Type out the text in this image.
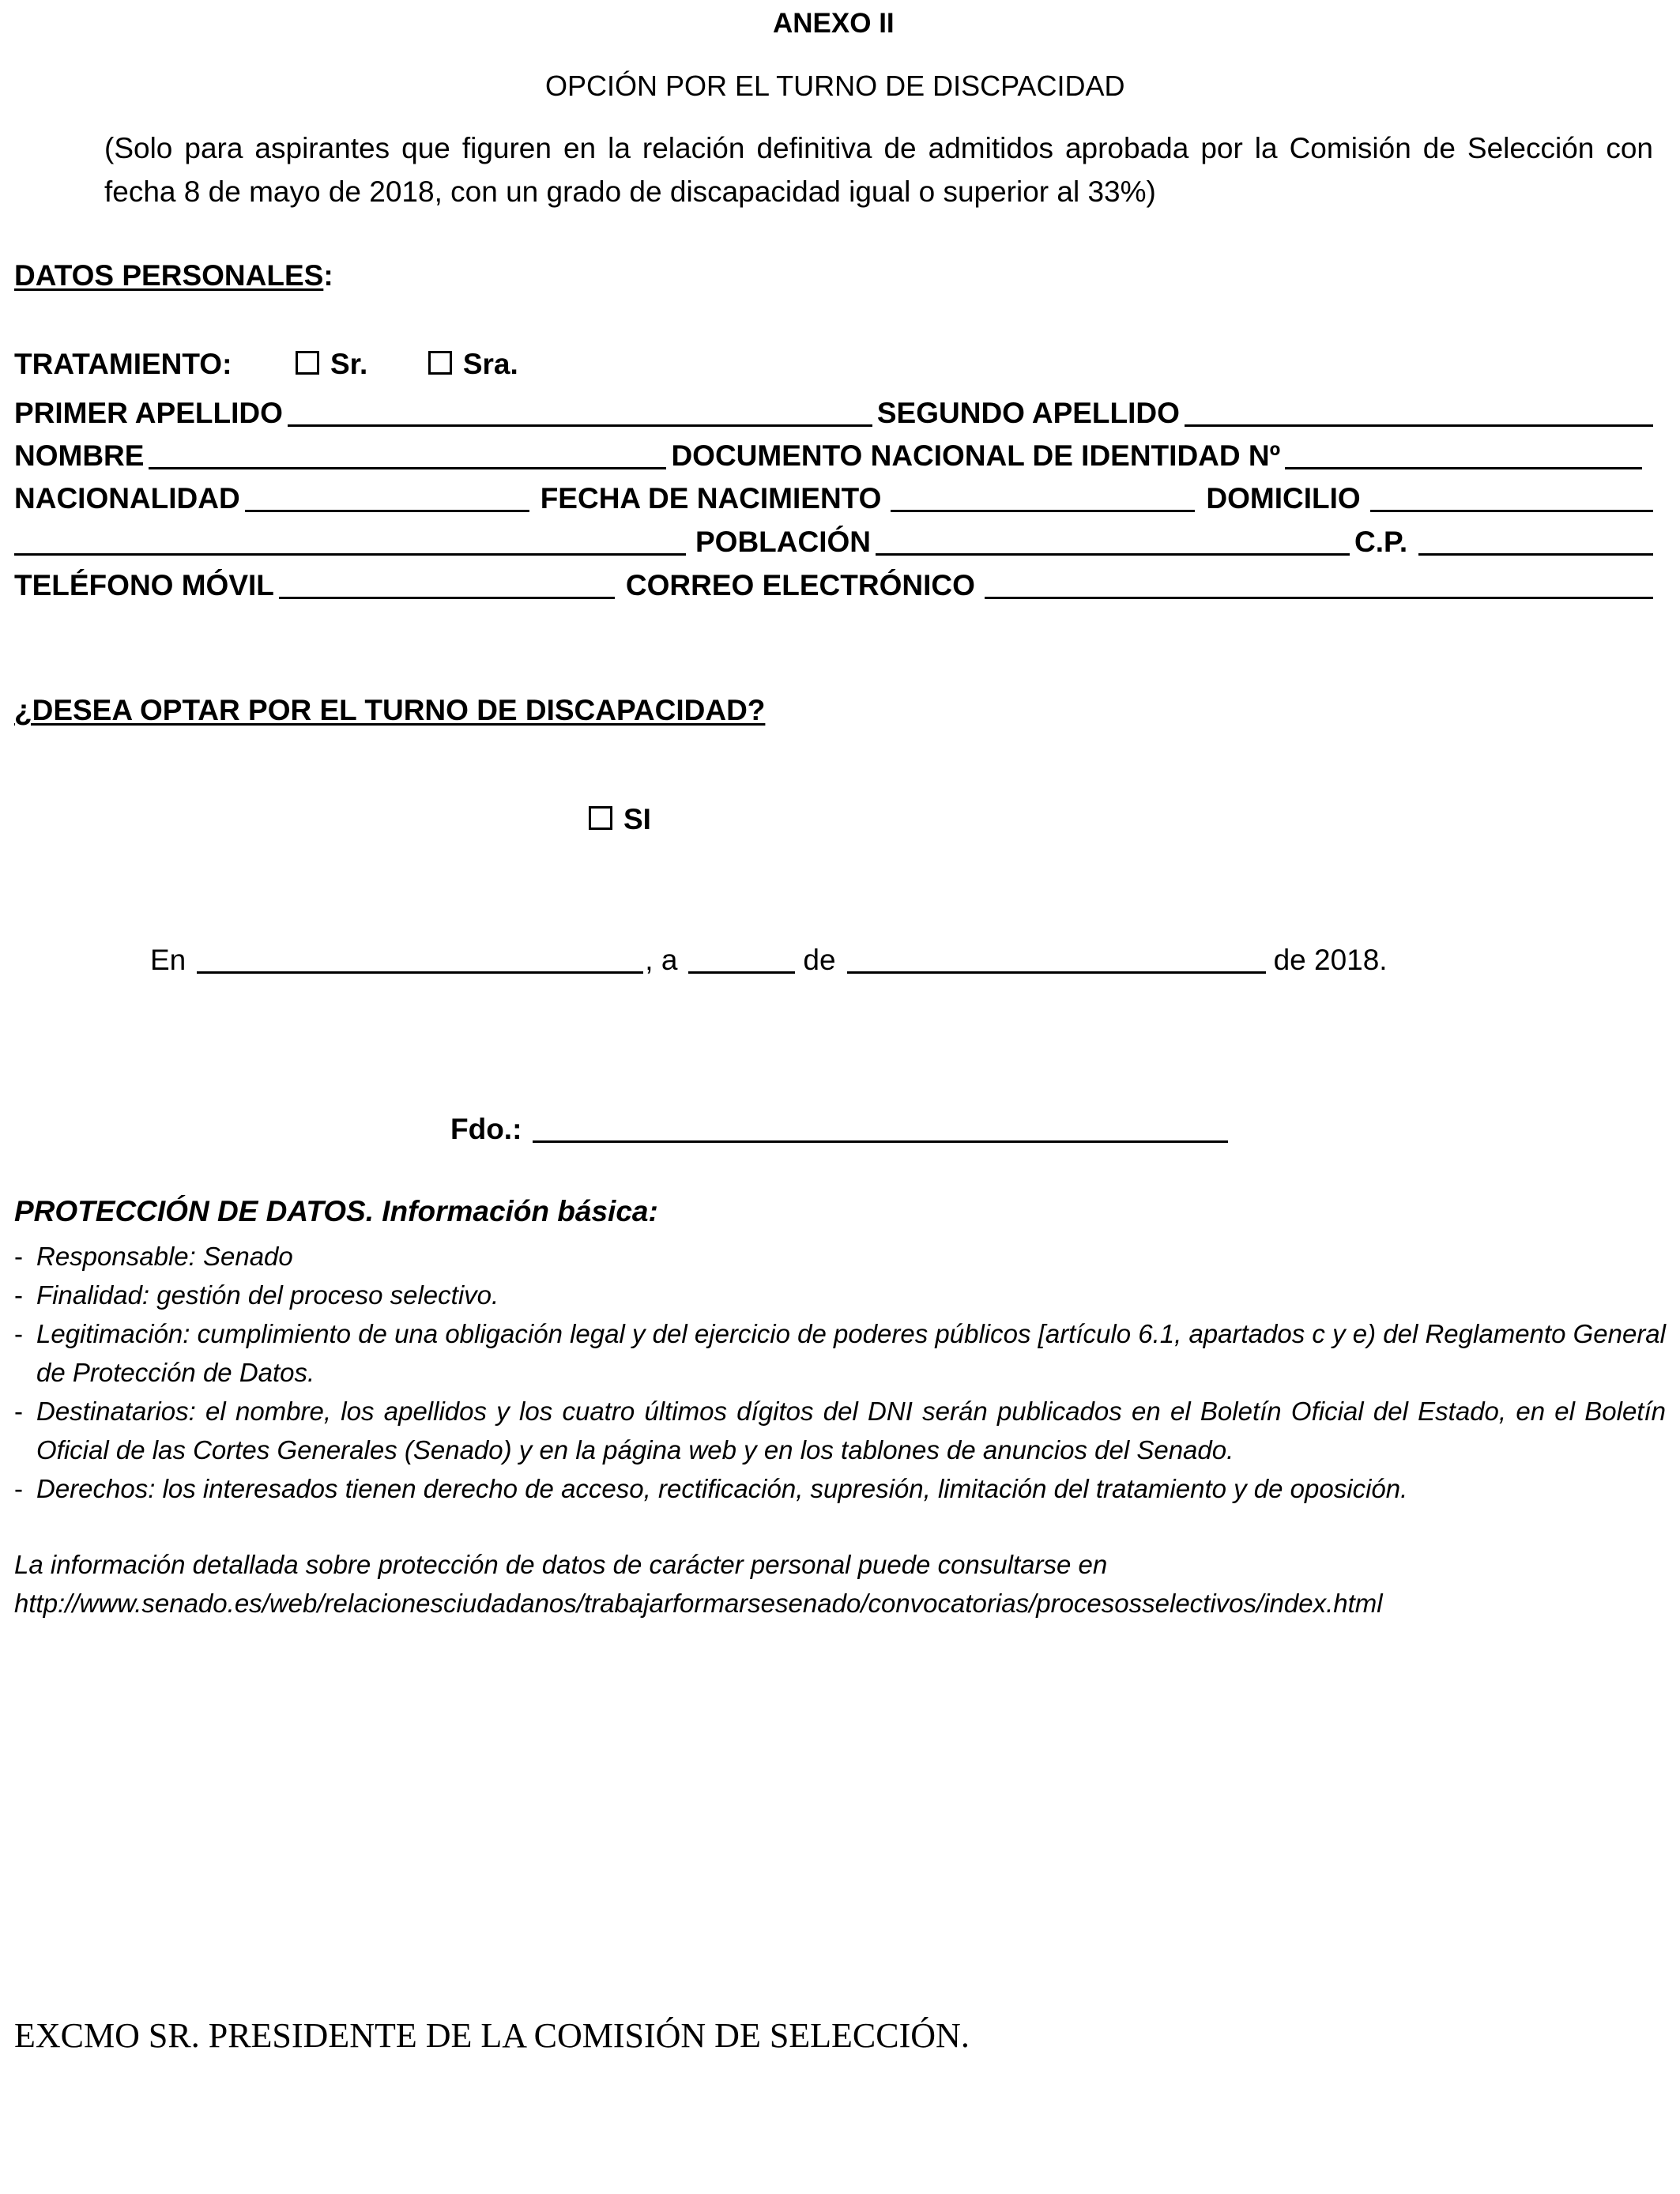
ANEXO II
OPCIÓN POR EL TURNO DE DISCPACIDAD
(Solo para aspirantes que figuren en la relación definitiva de admitidos aprobada por la Comisión de Selección con fecha 8 de mayo de 2018, con un grado de discapacidad igual o superior al 33%)
DATOS PERSONALES:
TRATAMIENTO:	Sr.	Sra.
PRIMER APELLIDO	SEGUNDO APELLIDO
NOMBRE	DOCUMENTO NACIONAL DE IDENTIDAD Nº
NACIONALIDAD	FECHA DE NACIMIENTO	DOMICILIO
POBLACIÓN	C.P.
TELÉFONO MÓVIL	CORREO ELECTRÓNICO
¿DESEA OPTAR POR EL TURNO DE DISCAPACIDAD?
SI
En	, a	de	de 2018.
Fdo.:
PROTECCIÓN DE DATOS. Información básica:
- Responsable: Senado
- Finalidad: gestión del proceso selectivo.
- Legitimación: cumplimiento de una obligación legal y del ejercicio de poderes públicos [artículo 6.1, apartados c y e) del Reglamento General de Protección de Datos.
- Destinatarios: el nombre, los apellidos y los cuatro últimos dígitos del DNI serán publicados en el Boletín Oficial del Estado, en el Boletín Oficial de las Cortes Generales (Senado) y en la página web y en los tablones de anuncios del Senado.
- Derechos: los interesados tienen derecho de acceso, rectificación, supresión, limitación del tratamiento y de oposición.
La información detallada sobre protección de datos de carácter personal puede consultarse en
http://www.senado.es/web/relacionesciudadanos/trabajarformarsesenado/convocatorias/procesosselectivos/index.html
EXCMO SR. PRESIDENTE DE LA COMISIÓN DE SELECCIÓN.
